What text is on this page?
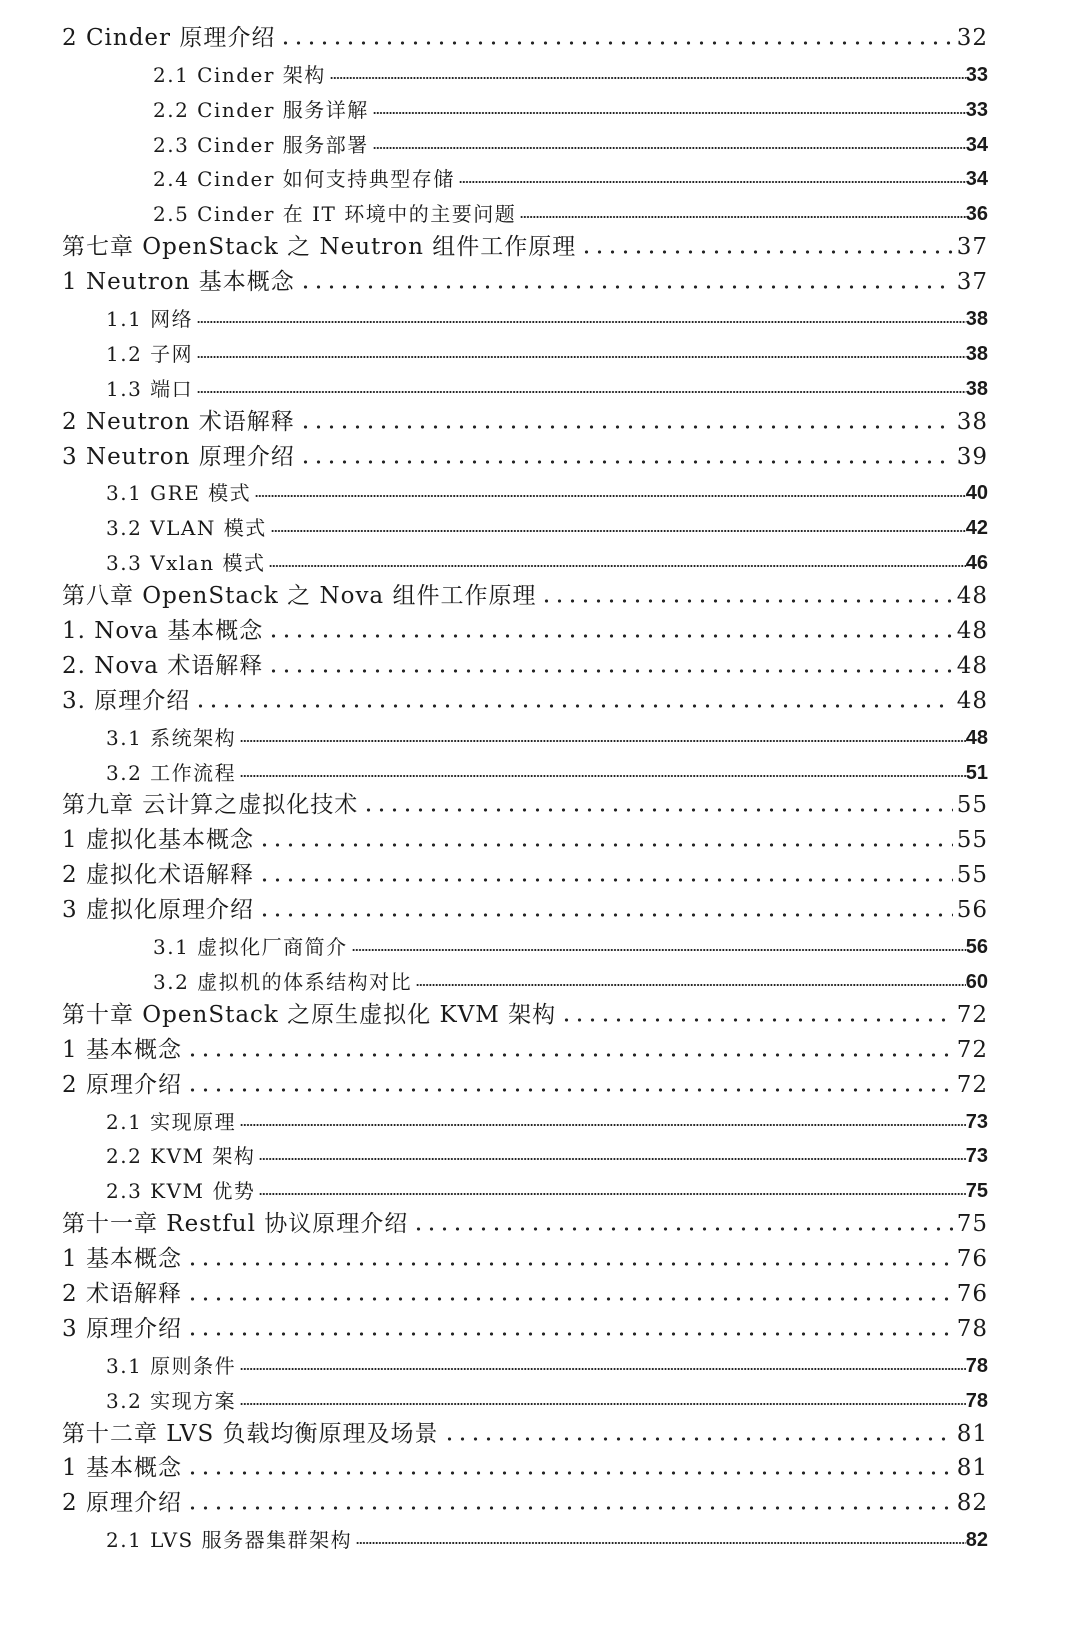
2 Cinder 原理介绍	32
2.1 Cinder 架构	33
2.2 Cinder 服务详解	33
2.3 Cinder 服务部署	34
2.4 Cinder 如何支持典型存储	34
2.5 Cinder 在 IT 环境中的主要问题	36
第七章 OpenStack 之 Neutron 组件工作原理	37
1 Neutron 基本概念	37
1.1 网络	38
1.2 子网	38
1.3 端口	38
2 Neutron 术语解释	38
3 Neutron 原理介绍	39
3.1 GRE 模式	40
3.2 VLAN 模式	42
3.3 Vxlan 模式	46
第八章 OpenStack 之 Nova 组件工作原理	48
1. Nova 基本概念	48
2. Nova 术语解释	48
3. 原理介绍	48
3.1 系统架构	48
3.2 工作流程	51
第九章 云计算之虚拟化技术	55
1 虚拟化基本概念	55
2 虚拟化术语解释	55
3 虚拟化原理介绍	56
3.1 虚拟化厂商简介	56
3.2 虚拟机的体系结构对比	60
第十章 OpenStack 之原生虚拟化 KVM 架构	72
1 基本概念	72
2 原理介绍	72
2.1 实现原理	73
2.2 KVM 架构	73
2.3 KVM 优势	75
第十一章 Restful 协议原理介绍	75
1 基本概念	76
2 术语解释	76
3 原理介绍	78
3.1 原则条件	78
3.2 实现方案	78
第十二章 LVS 负载均衡原理及场景	81
1 基本概念	81
2 原理介绍	82
2.1 LVS 服务器集群架构	82
